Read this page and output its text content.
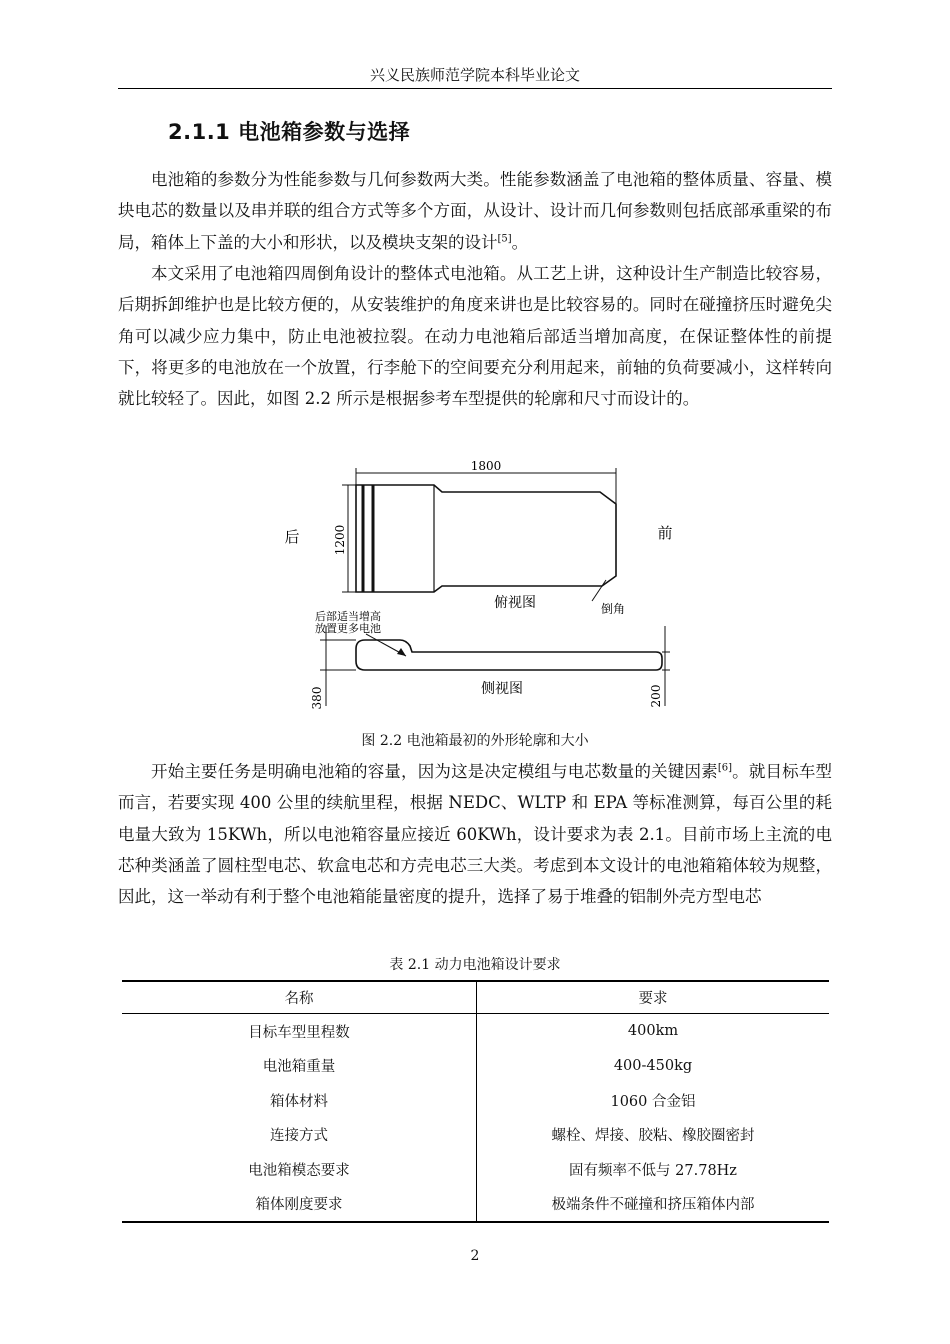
兴义民族师范学院本科毕业论文
2.1.1 电池箱参数与选择

电池箱的参数分为性能参数与几何参数两大类。性能参数涵盖了电池箱的整体质量、容量、模块电芯的数量以及串并联的组合方式等多个方面，从设计、设计而几何参数则包括底部承重梁的布局，箱体上下盖的大小和形状，以及模块支架的设计[5]。

本文采用了电池箱四周倒角设计的整体式电池箱。从工艺上讲，这种设计生产制造比较容易，后期拆卸维护也是比较方便的，从安装维护的角度来讲也是比较容易的。同时在碰撞挤压时避免尖角可以减少应力集中，防止电池被拉裂。在动力电池箱后部适当增加高度，在保证整体性的前提下，将更多的电池放在一个放置，行李舱下的空间要充分利用起来，前轴的负荷要减小，这样转向就比较轻了。因此，如图 2.2 所示是根据参考车型提供的轮廓和尺寸而设计的。

1800
1200
后	前
俯视图	倒角
后部适当增高
放置更多电池
侧视图
380	200
图 2.2 电池箱最初的外形轮廓和大小

开始主要任务是明确电池箱的容量，因为这是决定模组与电芯数量的关键因素[6]。就目标车型而言，若要实现 400 公里的续航里程，根据 NEDC、WLTP 和 EPA 等标准测算，每百公里的耗电量大致为 15KWh，所以电池箱容量应接近 60KWh，设计要求为表 2.1。目前市场上主流的电芯种类涵盖了圆柱型电芯、软盒电芯和方壳电芯三大类。考虑到本文设计的电池箱箱体较为规整，因此，这一举动有利于整个电池箱能量密度的提升，选择了易于堆叠的铝制外壳方型电芯

表 2.1 动力电池箱设计要求
名称	要求
目标车型里程数	400km
电池箱重量	400-450kg
箱体材料	1060 合金铝
连接方式	螺栓、焊接、胶粘、橡胶圈密封
电池箱模态要求	固有频率不低与 27.78Hz
箱体刚度要求	极端条件不碰撞和挤压箱体内部
2
